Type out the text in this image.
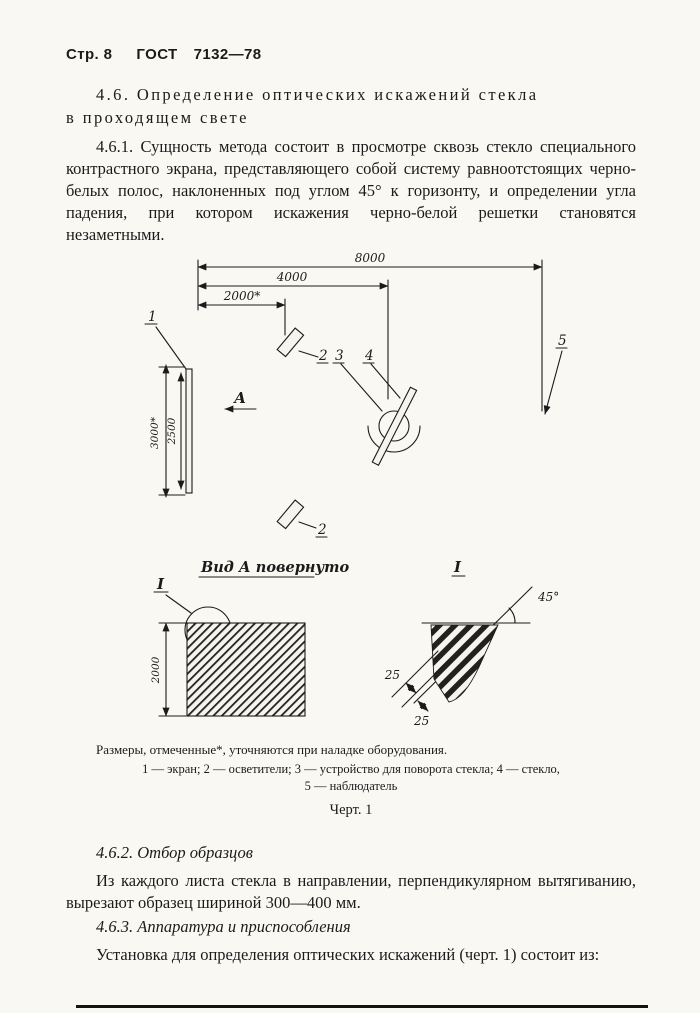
Стр. 8 ГОСТ 7132—78
4.6. Определение оптических искажений стекла
в проходящем свете

4.6.1. Сущность метода состоит в просмотре сквозь стекло специального контрастного экрана, представляющего собой систему равноотстоящих черно-белых полос, наклоненных под углом 45° к горизонту, и определении угла падения, при котором искажения черно-белой решетки становятся незаметными.

8000
4000
2000*
1
3000* 2500
А
2 3 4
5
2
Вид А повернуто
I
I
2000
45°
25
25
Размеры, отмеченные*, уточняются при наладке оборудования.
1 — экран; 2 — осветители; 3 — устройство для поворота стекла; 4 — стекло,
5 — наблюдатель
Черт. 1

4.6.2. Отбор образцов

Из каждого листа стекла в направлении, перпендикулярном вытягиванию, вырезают образец шириной 300—400 мм.

4.6.3. Аппаратура и приспособления

Установка для определения оптических искажений (черт. 1) состоит из:
